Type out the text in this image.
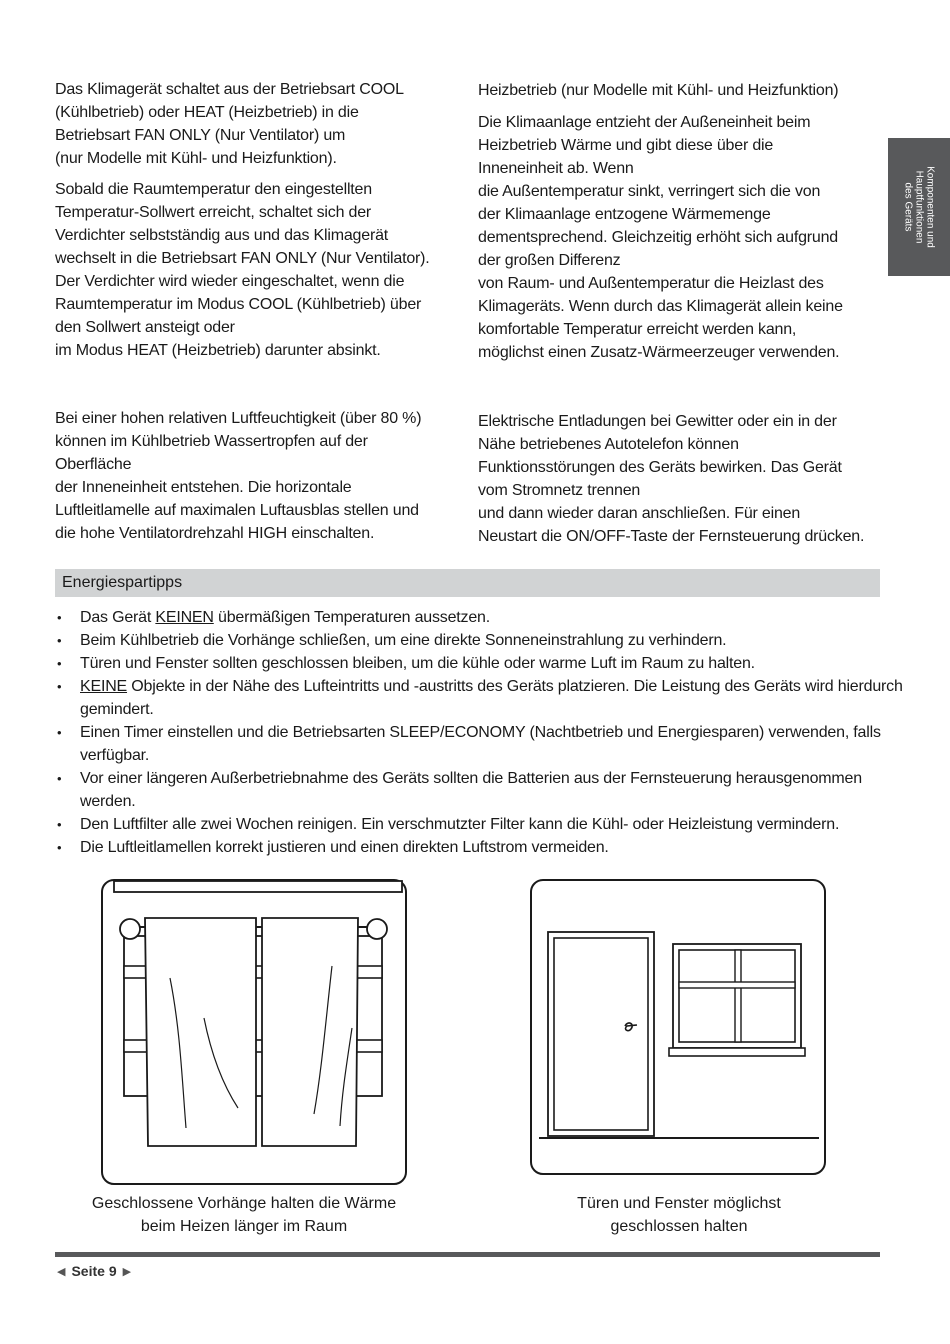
Komponenten und
Hauptfunktionen
des Geräts

Das Klimagerät schaltet aus der Betriebsart COOL
(Kühlbetrieb) oder HEAT (Heizbetrieb) in die
Betriebsart FAN ONLY (Nur Ventilator) um
(nur Modelle mit Kühl- und Heizfunktion).

Sobald die Raumtemperatur den eingestellten
Temperatur-Sollwert erreicht, schaltet sich der
Verdichter selbstständig aus und das Klimagerät
wechselt in die Betriebsart FAN ONLY (Nur Ventilator).
Der Verdichter wird wieder eingeschaltet, wenn die
Raumtemperatur im Modus COOL (Kühlbetrieb) über
den Sollwert ansteigt oder
im Modus HEAT (Heizbetrieb) darunter absinkt.

Bei einer hohen relativen Luftfeuchtigkeit (über 80 %)
können im Kühlbetrieb Wassertropfen auf der
Oberfläche
der Inneneinheit entstehen. Die horizontale
Luftleitlamelle auf maximalen Luftausblas stellen und
die hohe Ventilatordrehzahl HIGH einschalten.

Heizbetrieb (nur Modelle mit Kühl- und Heizfunktion)

Die Klimaanlage entzieht der Außeneinheit beim
Heizbetrieb Wärme und gibt diese über die
Inneneinheit ab. Wenn
die Außentemperatur sinkt, verringert sich die von
der Klimaanlage entzogene Wärmemenge
dementsprechend. Gleichzeitig erhöht sich aufgrund
der großen Differenz
von Raum- und Außentemperatur die Heizlast des
Klimageräts. Wenn durch das Klimagerät allein keine
komfortable Temperatur erreicht werden kann,
möglichst einen Zusatz-Wärmeerzeuger verwenden.

Elektrische Entladungen bei Gewitter oder ein in der
Nähe betriebenes Autotelefon können
Funktionsstörungen des Geräts bewirken. Das Gerät
vom Stromnetz trennen
und dann wieder daran anschließen. Für einen
Neustart die ON/OFF-Taste der Fernsteuerung drücken.

Energiespartipps
• Das Gerät KEINEN übermäßigen Temperaturen aussetzen.
• Beim Kühlbetrieb die Vorhänge schließen, um eine direkte Sonneneinstrahlung zu verhindern.
• Türen und Fenster sollten geschlossen bleiben, um die kühle oder warme Luft im Raum zu halten.
• KEINE Objekte in der Nähe des Lufteintritts und -austritts des Geräts platzieren. Die Leistung des Geräts wird hierdurch gemindert.
• Einen Timer einstellen und die Betriebsarten SLEEP/ECONOMY (Nachtbetrieb und Energiesparen) verwenden, falls verfügbar.
• Vor einer längeren Außerbetriebnahme des Geräts sollten die Batterien aus der Fernsteuerung herausgenommen werden.
• Den Luftfilter alle zwei Wochen reinigen. Ein verschmutzter Filter kann die Kühl- oder Heizleistung vermindern.
• Die Luftleitlamellen korrekt justieren und einen direkten Luftstrom vermeiden.
Geschlossene Vorhänge halten die Wärme
beim Heizen länger im Raum
Türen und Fenster möglichst
geschlossen halten
◀ Seite 9 ▶
